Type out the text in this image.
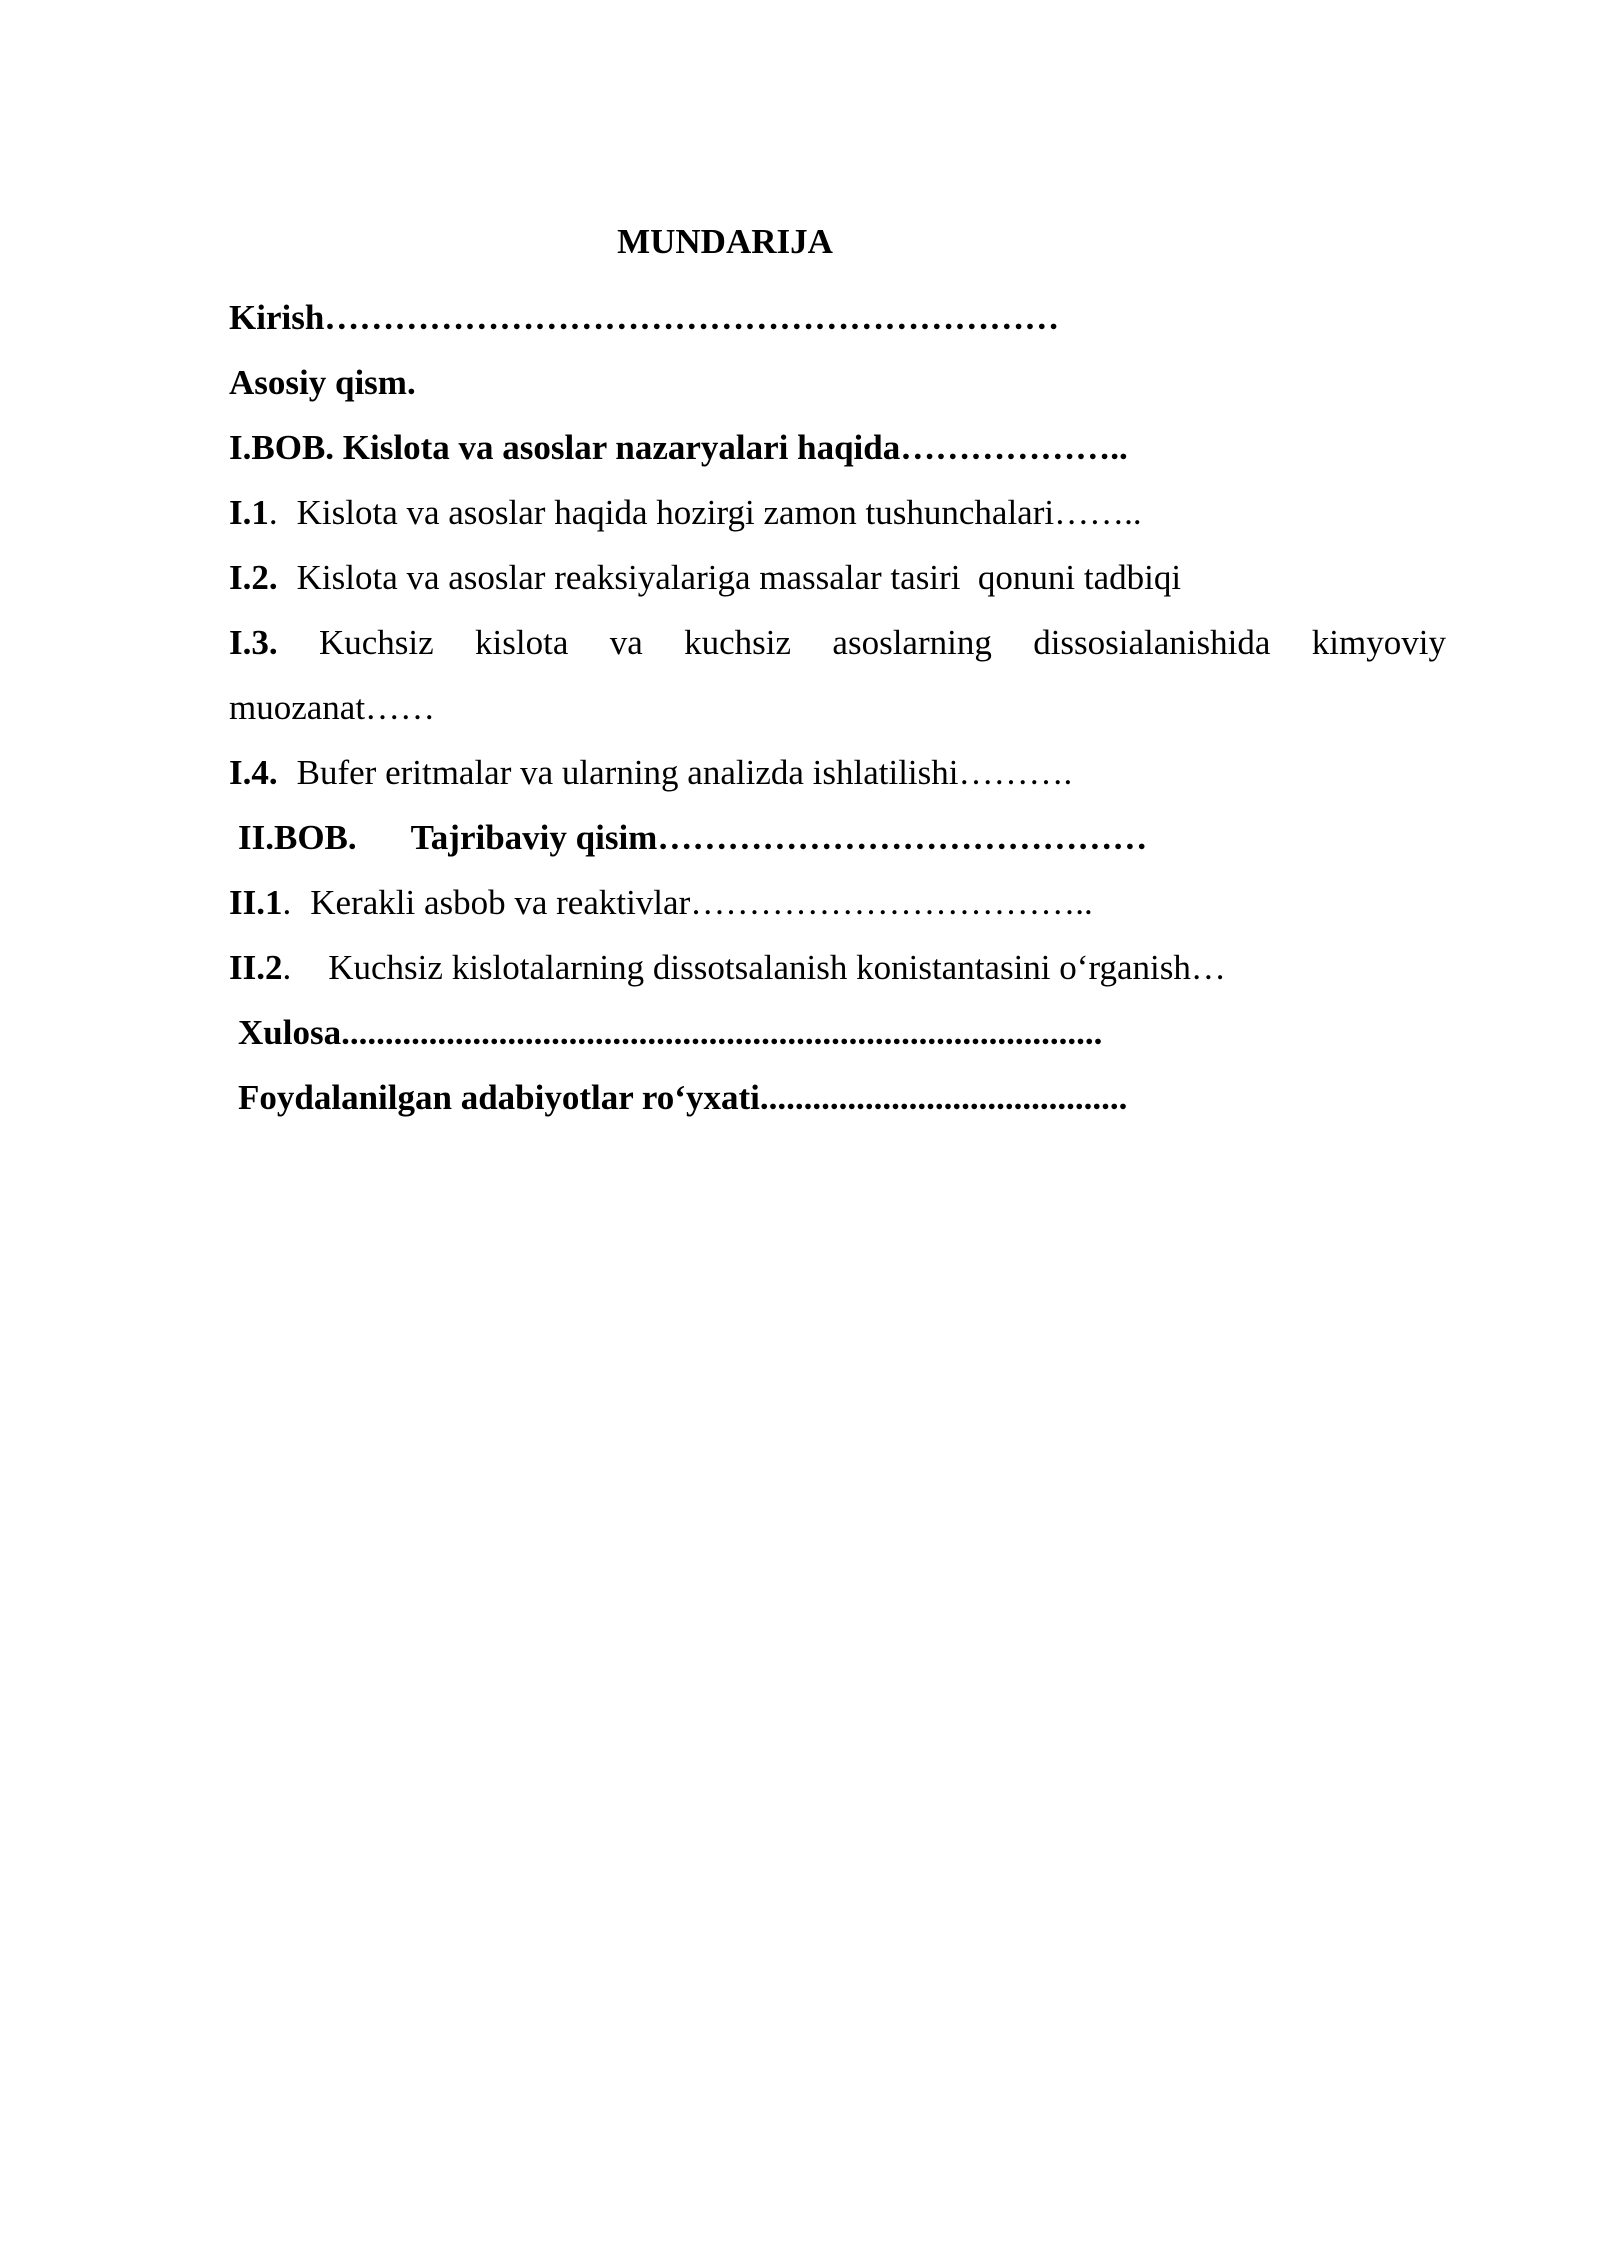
MUNDARIJA
Kirish………………………………………………………
Asosiy qism.
I.BOB. Kislota va asoslar nazaryalari haqida………………..
I.1. Kislota va asoslar haqida hozirgi zamon tushunchalari……..
I.2. Kislota va asoslar reaksiyalariga massalar tasiri  qonuni tadbiqi
I.3. Kuchsiz kislota va kuchsiz asoslarning dissosialanishida kimyoviy
muozanat……
I.4. Bufer eritmalar va ularning analizda ishlatilishi……….
II.BOB. Tajribaviy qisim……………………………………
II.1. Kerakli asbob va reaktivlar……………………………..
II.2. Kuchsiz kislotalarning dissotsalanish konistantasini o‘rganish…
Xulosa.......................................................................................
Foydalanilgan adabiyotlar ro‘yxati..........................................
